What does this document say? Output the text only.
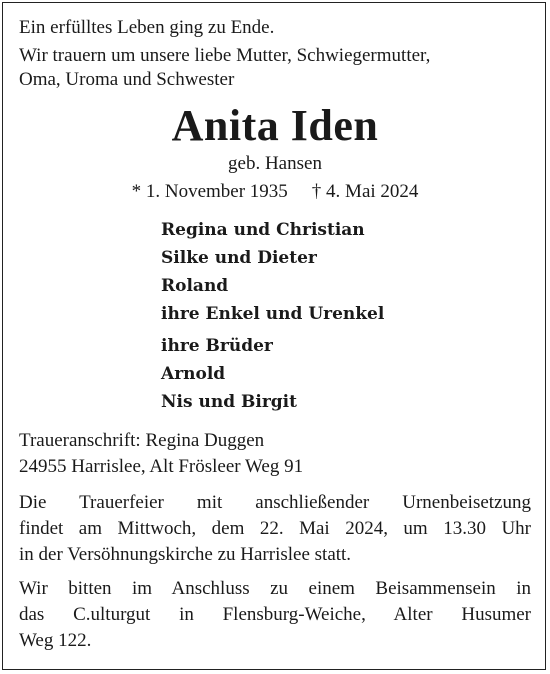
Ein erfülltes Leben ging zu Ende.

Wir trauern um unsere liebe Mutter, Schwiegermutter,

Oma, Uroma und Schwester

Anita Iden

geb. Hansen

* 1. November 1935 † 4. Mai 2024

Regina und Christian

Silke und Dieter

Roland

ihre Enkel und Urenkel

ihre Brüder

Arnold

Nis und Birgit

Traueranschrift: Regina Duggen

24955 Harrislee, Alt Frösleer Weg 91

Die Trauerfeier mit anschließender Urnenbeisetzung

findet am Mittwoch, dem 22. Mai 2024, um 13.30 Uhr

in der Versöhnungskirche zu Harrislee statt.

Wir bitten im Anschluss zu einem Beisammensein in

das C.ulturgut in Flensburg-Weiche, Alter Husumer

Weg 122.
